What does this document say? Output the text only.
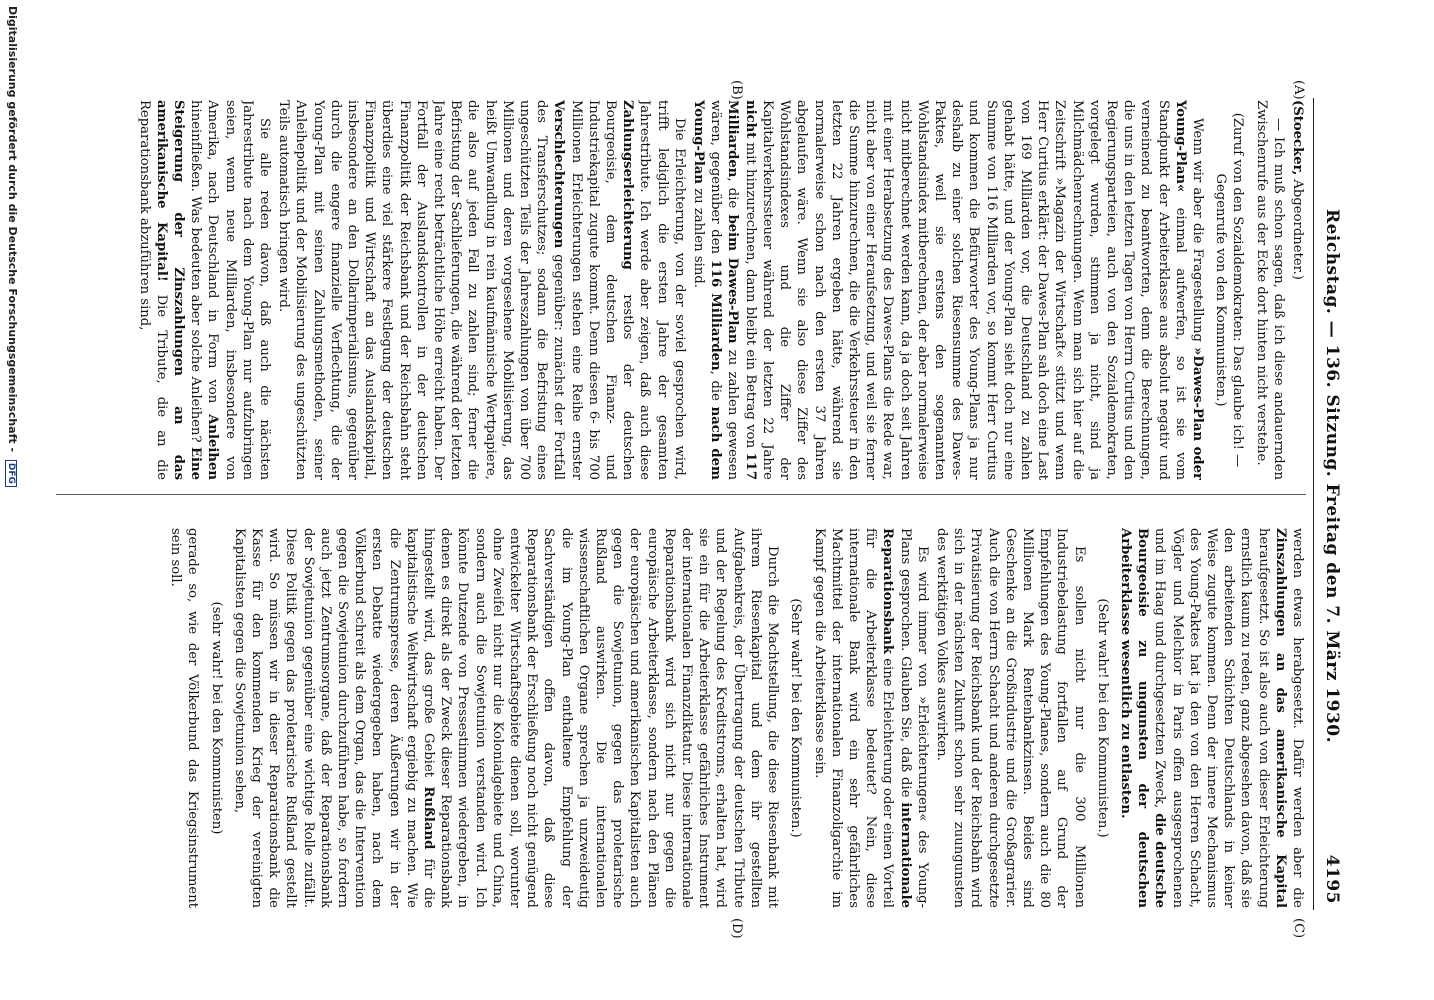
Reichstag. — 136. Sitzung. Freitag den 7. März 1930.
4195
(A)
(B)
(C)
(D)

(Stoecker, Abgeordneter.)

— Ich muß schon sagen, daß ich diese andauernden Zwischenrufe aus der Ecke dort hinten nicht verstehe.

(Zuruf von den Sozialdemokraten: Das glaube ich! — Gegenrufe von den Kommunisten.)

Wenn wir aber die Fragestellung »Dawes-Plan oder Young-Plan« einmal aufwerfen, so ist sie vom Standpunkt der Arbeiterklasse aus absolut negativ und verneinend zu beantworten, denn die Berechnungen, die uns in den letzten Tagen von Herrn Curtius und den Regierungsparteien, auch von den Sozialdemokraten, vorgelegt wurden, stimmen ja nicht, sind ja Milchmädchenrechnungen. Wenn man sich hier auf die Zeitschrift »Magazin der Wirtschaft« stützt und wenn Herr Curtius erklärt: der Dawes-Plan sah doch eine Last von 169 Milliarden vor, die Deutschland zu zahlen gehabt hätte, und der Young-Plan sieht doch nur eine Summe von 116 Milliarden vor, so kommt Herr Curtius und kommen die Befürworter des Young-Plans ja nur deshalb zu einer solchen Riesensumme des Dawes-Paktes, weil sie erstens den sogenannten Wohlstandsindex mitberechnen, der aber normalerweise nicht mitberechnet werden kann, da ja doch seit Jahren mit einer Herabsetzung des Dawes-Plans die Rede war, nicht aber von einer Heraufsetzung, und weil sie ferner die Summe hinzurechnen, die die Verkehrssteuer in den letzten 22 Jahren ergeben hätte, während sie normalerweise schon nach den ersten 37 Jahren abgelaufen wäre. Wenn sie also diese Ziffer des Wohlstandsindexes und die Ziffer der Kapitalverkehrssteuer während der letzten 22 Jahre nicht mit hinzurechnen, dann bleibt ein Betrag von 117 Milliarden, die beim Dawes-Plan zu zahlen gewesen wären, gegenüber den 116 Milliarden, die nach dem Young-Plan zu zahlen sind.

Die Erleichterung, von der soviel gesprochen wird, trifft lediglich die ersten Jahre der gesamten Jahrestribute. Ich werde aber zeigen, daß auch diese Zahlungserleichterung restlos der deutschen Bourgeoisie, dem deutschen Finanz- und Industriekapital zugute kommt. Denn diesen 6- bis 700 Millionen Erleichterungen stehen eine Reihe ernster Verschlechterungen gegenüber: zunächst der Fortfall des Transferschutzes; sodann die Befristung eines ungeschützten Teils der Jahreszahlungen von über 700 Millionen und deren vorgesehene Mobilisierung, das heißt Umwandlung in rein kaufmännische Wertpapiere, die also auf jeden Fall zu zahlen sind; ferner die Befristung der Sachlieferungen, die während der letzten Jahre eine recht beträchtliche Höhe erreicht haben. Der Fortfall der Auslandskontrollen in der deutschen Finanzpolitik der Reichsbank und der Reichsbahn steht überdies eine viel stärkere Festlegung der deutschen Finanzpolitik und Wirtschaft an das Auslandskapital, insbesondere an den Dollarimperialismus, gegenüber durch die engere finanzielle Verflechtung, die der Young-Plan mit seinen Zahlungsmethoden, seiner Anleihepolitik und der Mobilisierung des ungeschützten Teils automatisch bringen wird.

Sie alle reden davon, daß auch die nächsten Jahrestribute nach dem Young-Plan nur aufzubringen seien, wenn neue Milliarden, insbesondere von Amerika, nach Deutschland in Form von Anleihen hineinfließen. Was bedeuten aber solche Anleihen? Eine Steigerung der Zinszahlungen an das amerikanische Kapital! Die Tribute, die an die Reparationsbank abzuführen sind,

werden etwas herabgesetzt. Dafür werden aber die Zinszahlungen an das amerikanische Kapital heraufgesetzt. So ist also auch von dieser Erleichterung ernstlich kaum zu reden, ganz abgesehen davon, daß sie den arbeitenden Schichten Deutschlands in keiner Weise zugute kommen. Denn der innere Mechanismus des Young-Paktes hat ja den von den Herren Schacht, Vögler und Melchior in Paris offen ausgesprochenen und im Haag und durchgesetzten Zweck, die deutsche Bourgeoisie zu ungunsten der deutschen Arbeiterklasse wesentlich zu entlasten.

(Sehr wahr! bei den Kommunisten.)

Es sollen nicht nur die 300 Millionen Industriebelastung fortfallen auf Grund der Empfehlungen des Young-Planes, sondern auch die 80 Millionen Mark Rentenbankzinsen. Beides sind Geschenke an die Großindustrie und die Großagrarier. Auch die von Herrn Schacht und anderen durchgesetzte Privatisierung der Reichsbank und der Reichsbahn wird sich in der nächsten Zukunft schon sehr zuungunsten des werktätigen Volkes auswirken.

Es wird immer von »Erleichterungen« des Young-Plans gesprochen. Glauben Sie, daß die internationale Reparationsbank eine Erleichterung oder einen Vorteil für die Arbeiterklasse bedeutet? Nein, diese internationale Bank wird ein sehr gefährliches Machtmittel der internationalen Finanzoligarchie im Kampf gegen die Arbeiterklasse sein.

(Sehr wahr! bei den Kommunisten.)

Durch die Machtstellung, die diese Riesenbank mit ihrem Riesenkapital und dem ihr gestellten Aufgabenkreis, der Übertragung der deutschen Tribute und der Regelung des Kreditstroms, erhalten hat, wird sie ein für die Arbeiterklasse gefährliches Instrument der internationalen Finanzdiktatur. Diese internationale Reparationsbank wird sich nicht nur gegen die europäische Arbeiterklasse, sondern nach den Plänen der europäischen und amerikanischen Kapitalisten auch gegen die Sowjetunion, gegen das proletarische Rußland auswirken. Die internationalen wissenschaftlichen Organe sprechen ja unzweideutig die im Young-Plan enthaltene Empfehlung der Sachverständigen offen davon, daß diese Reparationsbank der Erschließung noch nicht genügend entwickelter Wirtschaftsgebiete dienen soll, worunter ohne Zweifel nicht nur die Kolonialgebiete und China, sondern auch die Sowjetunion verstanden wird. Ich könnte Dutzende von Pressestimmen wiedergeben, in denen es direkt als der Zweck dieser Reparationsbank hingestellt wird, das große Gebiet Rußland für die kapitalistische Weltwirtschaft ergiebig zu machen. Wie die Zentrumspresse, deren Äußerungen wir in der ersten Debatte wiedergegeben haben, nach dem Völkerbund schreit als dem Organ, das die Intervention gegen die Sowjetunion durchzuführen habe, so fordern auch jetzt Zentrumsorgane, daß der Reparationsbank der Sowjetunion gegenüber eine wichtige Rolle zufällt. Diese Politik gegen das proletarische Rußland gestellt wird. So müssen wir in dieser Reparationsbank die Kasse für den kommenden Krieg der vereinigten Kapitalisten gegen die Sowjetunion sehen,

(sehr wahr! bei den Kommunisten)

gerade so, wie der Völkerbund das Kriegsinstrument sein soll.

Digitalisierung gefördert durch die Deutsche Forschungsgemeinschaft - DFG
